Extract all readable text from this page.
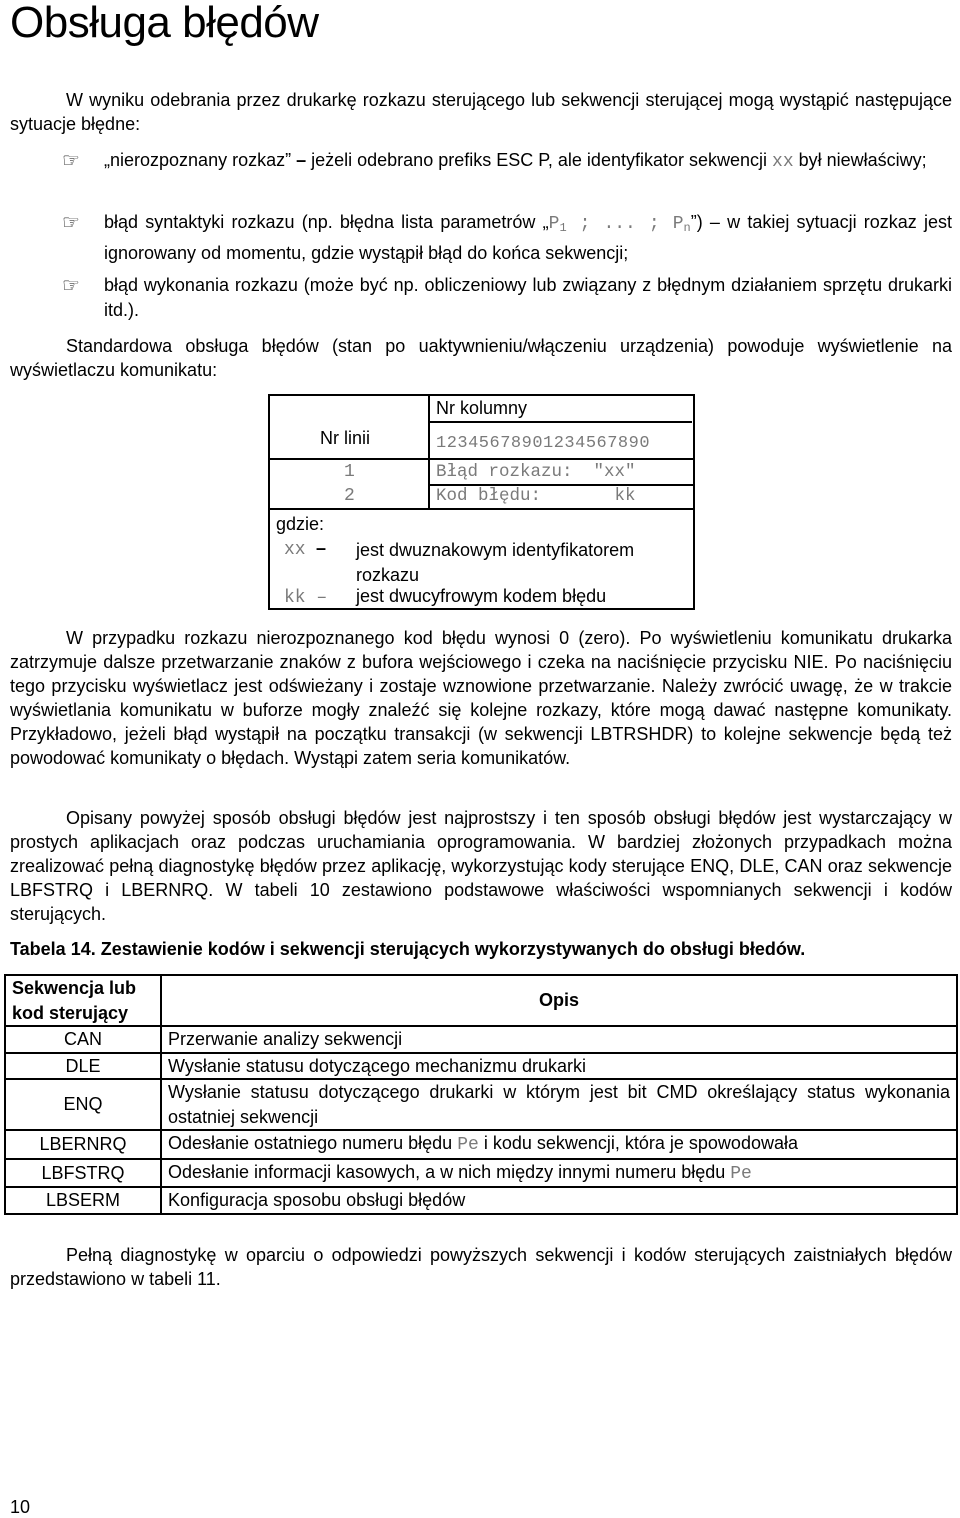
Obsługa błędów

W wyniku odebrania przez drukarkę rozkazu sterującego lub sekwencji sterującej mogą wystąpić następujące sytuacje błędne:

☞ „nierozpoznany rozkaz” – jeżeli odebrano prefiks ESC P, ale identyfikator sekwencji xx był niewłaściwy;
☞ błąd syntaktyki rozkazu (np. błędna lista parametrów $„P_1$ ; ... ; $P_n$”) – w takiej sytuacji rozkaz jest ignorowany od momentu, gdzie wystąpił błąd do końca sekwencji;
☞ błąd wykonania rozkazu (może być np. obliczeniowy lub związany z błędnym działaniem sprzętu drukarki itd.).

Standardowa obsługa błędów (stan po uaktywnieniu/włączeniu urządzenia) powoduje wyświetlenie na wyświetlaczu komunikatu:

Nr kolumny
Nr linii	12345678901234567890
1	Błąd rozkazu:  "xx"
2	Kod błędu:       kk
gdzie:
xx – jest dwuznakowym identyfikatorem rozkazu
kk – jest dwucyfrowym kodem błędu

W przypadku rozkazu nierozpoznanego kod błędu wynosi 0 (zero). Po wyświetleniu komunikatu drukarka zatrzymuje dalsze przetwarzanie znaków z bufora wejściowego i czeka na naciśnięcie przycisku NIE. Po naciśnięciu tego przycisku wyświetlacz jest odświeżany i zostaje wznowione przetwarzanie. Należy zwrócić uwagę, że w trakcie wyświetlania komunikatu w buforze mogły znaleźć się kolejne rozkazy, które mogą dawać następne komunikaty. Przykładowo, jeżeli błąd wystąpił na początku transakcji (w sekwencji LBTRSHDR) to kolejne sekwencje będą też powodować komunikaty o błędach. Wystąpi zatem seria komunikatów.

Opisany powyżej sposób obsługi błędów jest najprostszy i ten sposób obsługi błędów jest wystarczający w prostych aplikacjach oraz podczas uruchamiania oprogramowania. W bardziej złożonych przypadkach można zrealizować pełną diagnostykę błędów przez aplikację, wykorzystując kody sterujące ENQ, DLE, CAN oraz sekwencje LBFSTRQ i LBERNRQ. W tabeli 10 zestawiono podstawowe właściwości wspomnianych sekwencji i kodów sterujących.

Tabela 14. Zestawienie kodów i sekwencji sterujących wykorzystywanych do obsługi błedów.

Sekwencja lub kod sterujący	Opis
CAN	Przerwanie analizy sekwencji
DLE	Wysłanie statusu dotyczącego mechanizmu drukarki
ENQ	Wysłanie statusu dotyczącego drukarki w którym jest bit CMD określający status wykonania ostatniej sekwencji
LBERNRQ	Odesłanie ostatniego numeru błędu Pe i kodu sekwencji, która je spowodowała
LBFSTRQ	Odesłanie informacji kasowych, a w nich między innymi numeru błędu Pe
LBSERM	Konfiguracja sposobu obsługi błędów

Pełną diagnostykę w oparciu o odpowiedzi powyższych sekwencji i kodów sterujących zaistniałych błędów przedstawiono w tabeli 11.

10
